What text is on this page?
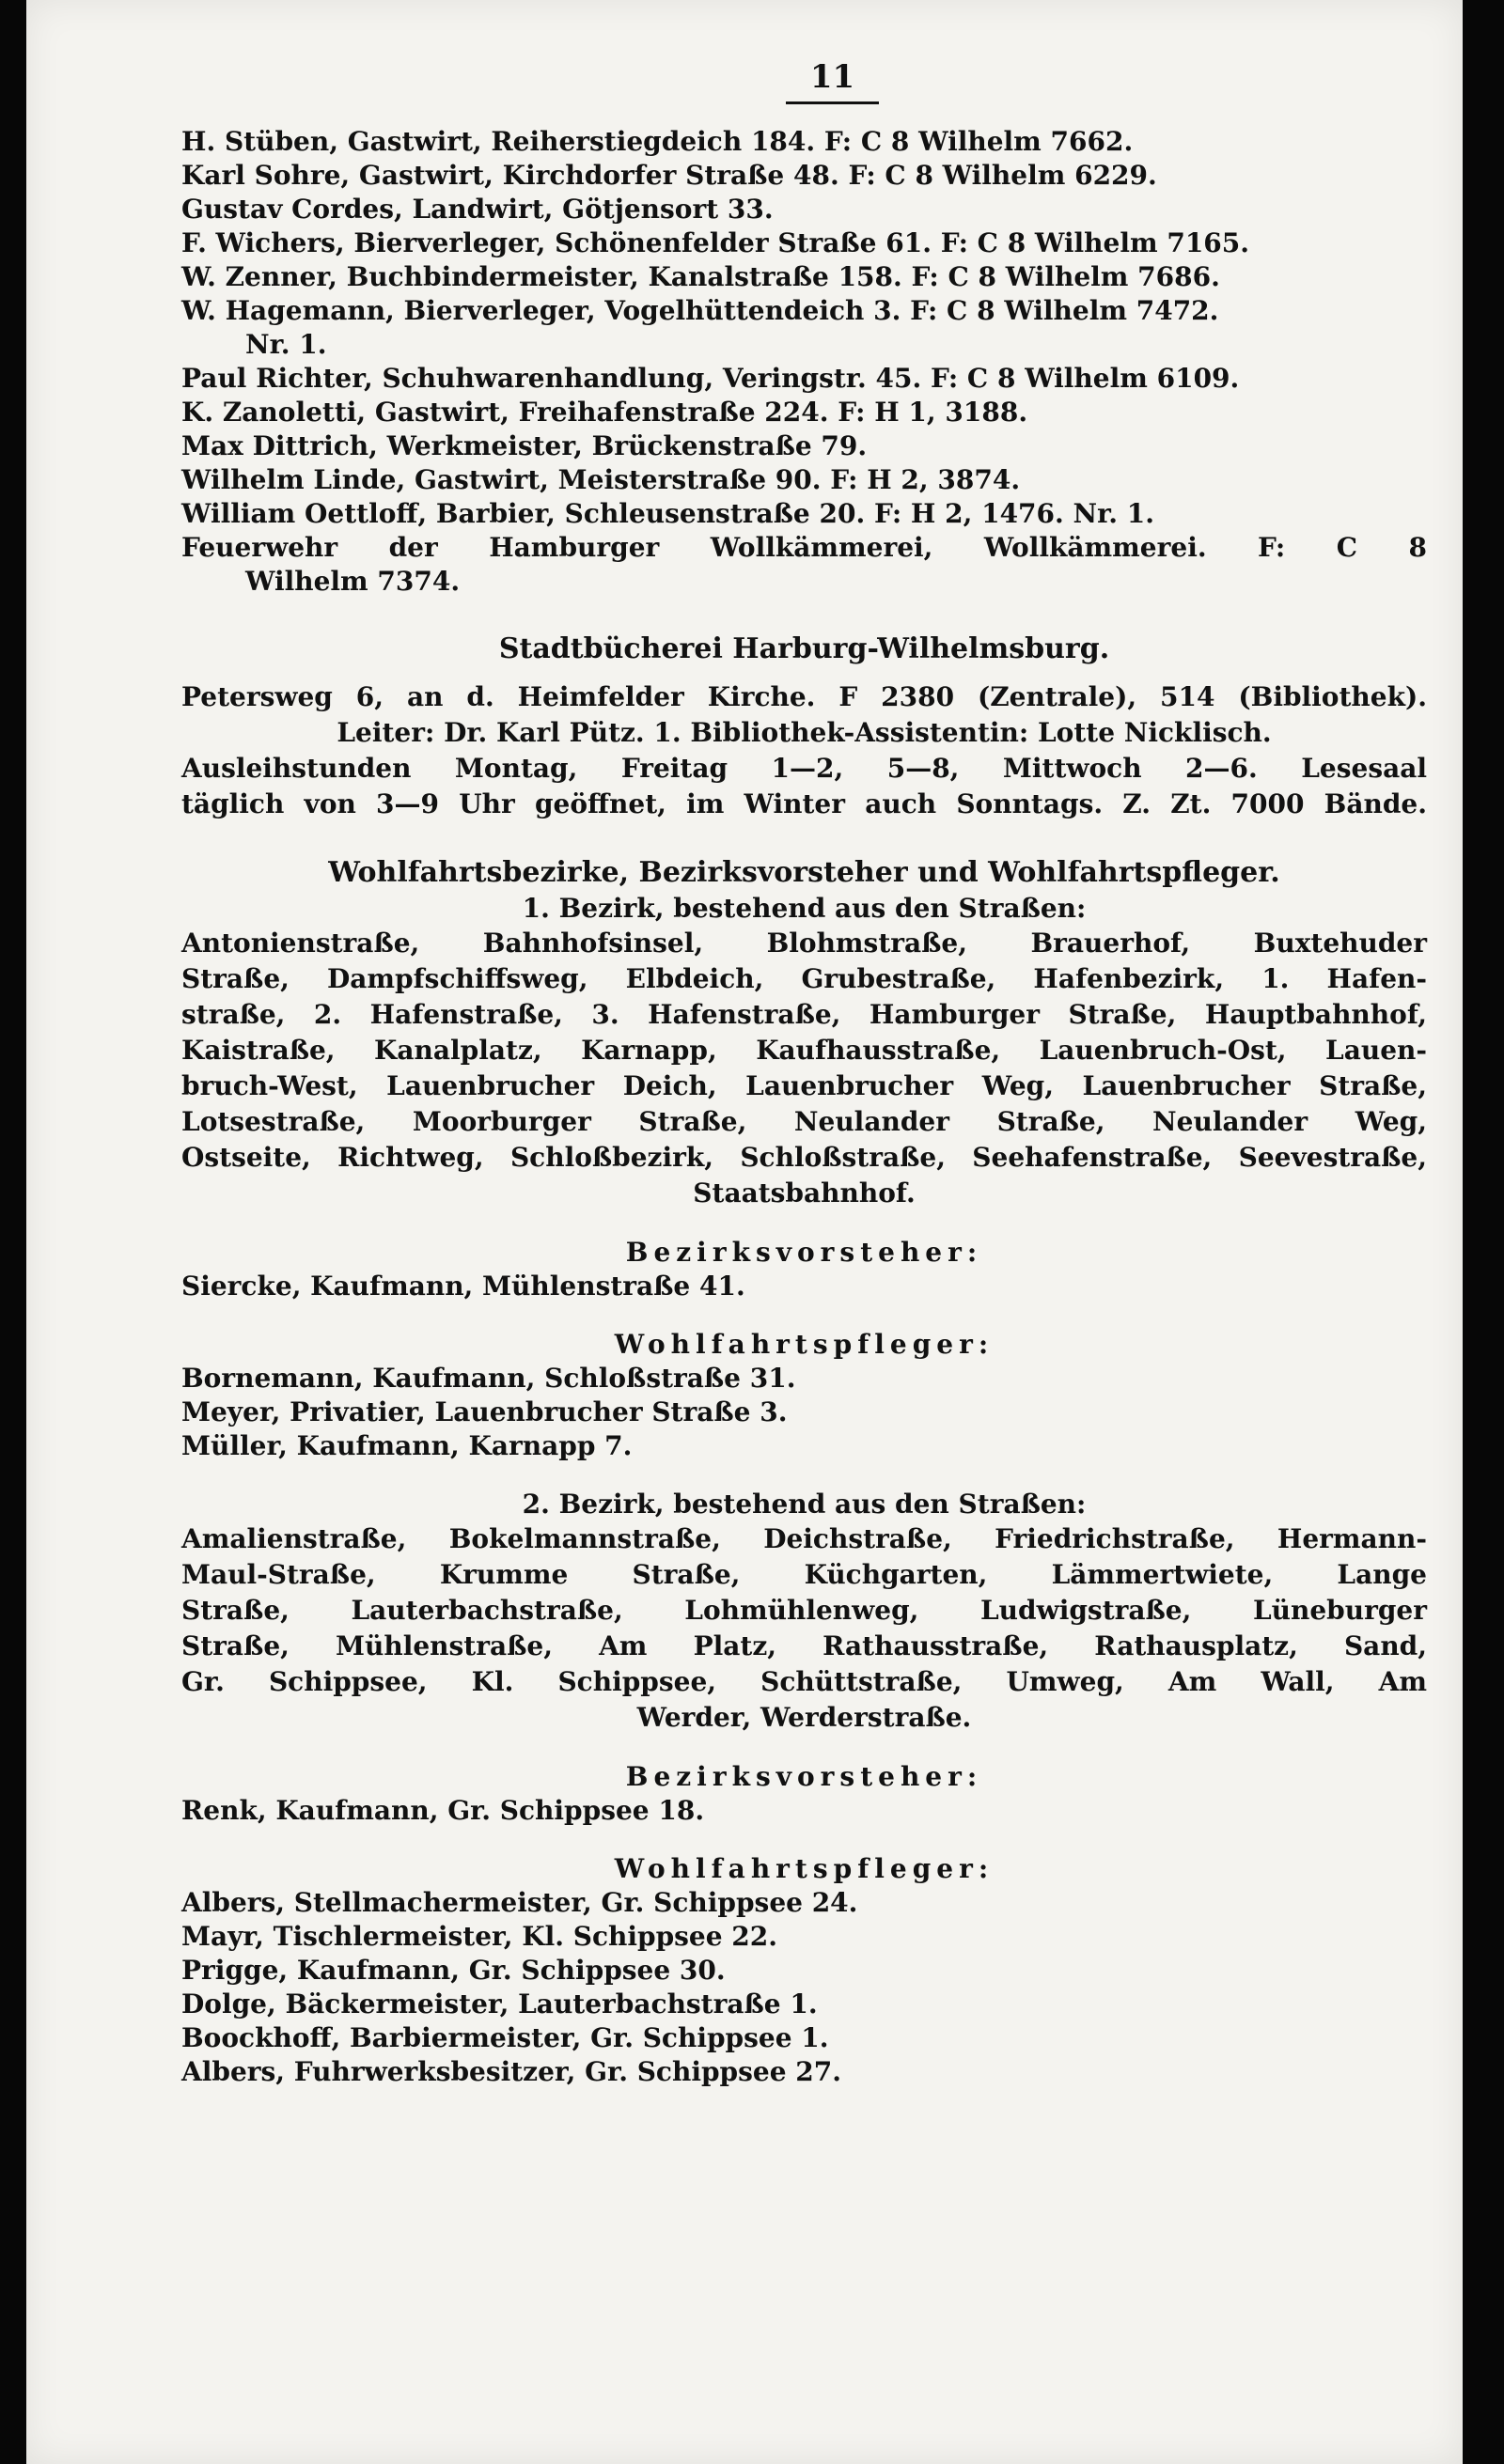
11
H. Stüben, Gastwirt, Reiherstiegdeich 184. F: C 8 Wilhelm 7662.
Karl Sohre, Gastwirt, Kirchdorfer Straße 48. F: C 8 Wilhelm 6229.
Gustav Cordes, Landwirt, Götjensort 33.
F. Wichers, Bierverleger, Schönenfelder Straße 61. F: C 8 Wilhelm 7165.
W. Zenner, Buchbindermeister, Kanalstraße 158. F: C 8 Wilhelm 7686.
W. Hagemann, Bierverleger, Vogelhüttendeich 3. F: C 8 Wilhelm 7472.
Nr. 1.
Paul Richter, Schuhwarenhandlung, Veringstr. 45. F: C 8 Wilhelm 6109.
K. Zanoletti, Gastwirt, Freihafenstraße 224. F: H 1, 3188.
Max Dittrich, Werkmeister, Brückenstraße 79.
Wilhelm Linde, Gastwirt, Meisterstraße 90. F: H 2, 3874.
William Oettloff, Barbier, Schleusenstraße 20. F: H 2, 1476. Nr. 1.
Feuerwehr der Hamburger Wollkämmerei, Wollkämmerei. F: C 8
Wilhelm 7374.
Stadtbücherei Harburg-Wilhelmsburg.
Petersweg 6, an d. Heimfelder Kirche. F 2380 (Zentrale), 514 (Bibliothek).
Leiter: Dr. Karl Pütz. 1. Bibliothek-Assistentin: Lotte Nicklisch.
Ausleihstunden Montag, Freitag 1—2, 5—8, Mittwoch 2—6. Lesesaal
täglich von 3—9 Uhr geöffnet, im Winter auch Sonntags. Z. Zt. 7000 Bände.
Wohlfahrtsbezirke, Bezirksvorsteher und Wohlfahrtspfleger.
1. Bezirk, bestehend aus den Straßen:
Antonienstraße, Bahnhofsinsel, Blohmstraße, Brauerhof, Buxtehuder
Straße, Dampfschiffsweg, Elbdeich, Grubestraße, Hafenbezirk, 1. Hafen-
straße, 2. Hafenstraße, 3. Hafenstraße, Hamburger Straße, Hauptbahnhof,
Kaistraße, Kanalplatz, Karnapp, Kaufhausstraße, Lauenbruch-Ost, Lauen-
bruch-West, Lauenbrucher Deich, Lauenbrucher Weg, Lauenbrucher Straße,
Lotsestraße, Moorburger Straße, Neulander Straße, Neulander Weg,
Ostseite, Richtweg, Schloßbezirk, Schloßstraße, Seehafenstraße, Seevestraße,
Staatsbahnhof.
Bezirksvorsteher:
Siercke, Kaufmann, Mühlenstraße 41.
Wohlfahrtspfleger:
Bornemann, Kaufmann, Schloßstraße 31.
Meyer, Privatier, Lauenbrucher Straße 3.
Müller, Kaufmann, Karnapp 7.
2. Bezirk, bestehend aus den Straßen:
Amalienstraße, Bokelmannstraße, Deichstraße, Friedrichstraße, Hermann-
Maul-Straße, Krumme Straße, Küchgarten, Lämmertwiete, Lange
Straße, Lauterbachstraße, Lohmühlenweg, Ludwigstraße, Lüneburger
Straße, Mühlenstraße, Am Platz, Rathausstraße, Rathausplatz, Sand,
Gr. Schippsee, Kl. Schippsee, Schüttstraße, Umweg, Am Wall, Am
Werder, Werderstraße.
Bezirksvorsteher:
Renk, Kaufmann, Gr. Schippsee 18.
Wohlfahrtspfleger:
Albers, Stellmachermeister, Gr. Schippsee 24.
Mayr, Tischlermeister, Kl. Schippsee 22.
Prigge, Kaufmann, Gr. Schippsee 30.
Dolge, Bäckermeister, Lauterbachstraße 1.
Boockhoff, Barbiermeister, Gr. Schippsee 1.
Albers, Fuhrwerksbesitzer, Gr. Schippsee 27.
